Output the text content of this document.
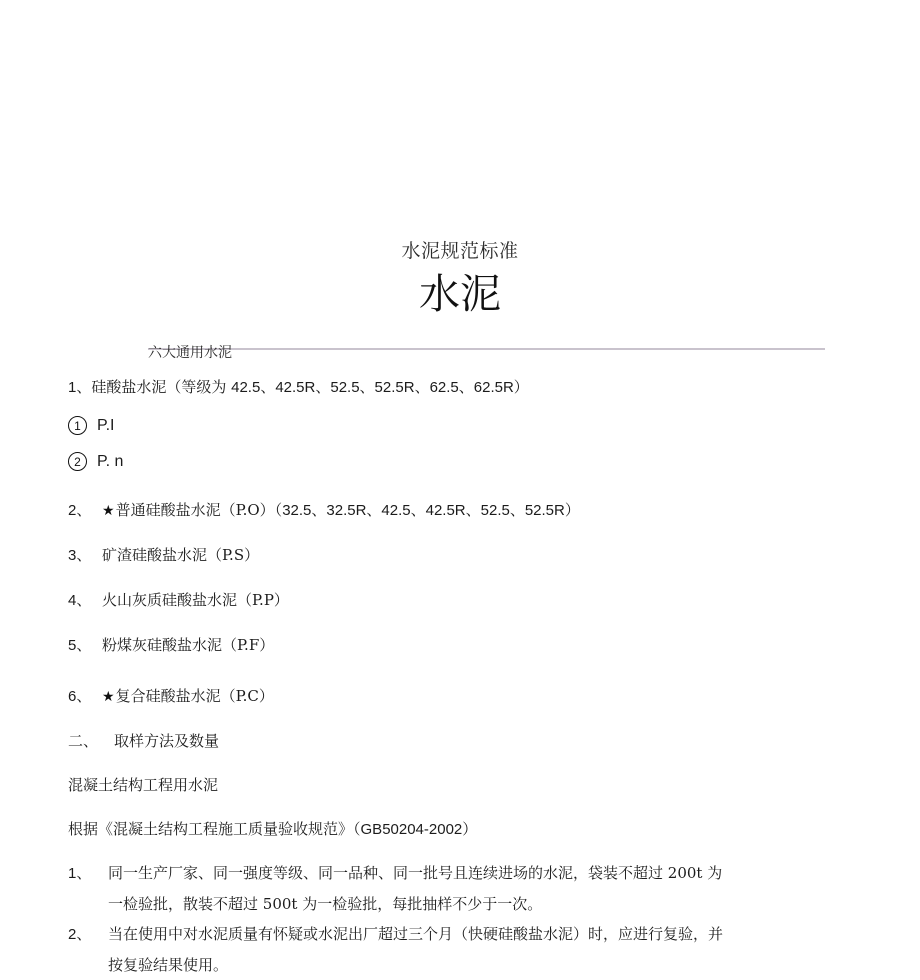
水泥规范标准
水泥
六大通用水泥
1、硅酸盐水泥（等级为 42.5、42.5R、52.5、52.5R、62.5、62.5R）
1	P.I
2	P. n
2、 ★普通硅酸盐水泥（P.O）（32.5、32.5R、42.5、42.5R、52.5、52.5R）
3、 矿渣硅酸盐水泥（P.S）
4、 火山灰质硅酸盐水泥（P.P）
5、 粉煤灰硅酸盐水泥（P.F）
6、 ★复合硅酸盐水泥（P.C）
二、 取样方法及数量
混凝土结构工程用水泥
根据《混凝土结构工程施工质量验收规范》（GB50204-2002）
1、 同一生产厂家、同一强度等级、同一品种、同一批号且连续进场的水泥，袋装不超过 200t 为
一检验批，散装不超过 500t 为一检验批，每批抽样不少于一次。
2、 当在使用中对水泥质量有怀疑或水泥出厂超过三个月（快硬硅酸盐水泥）时，应进行复验，并
按复验结果使用。
